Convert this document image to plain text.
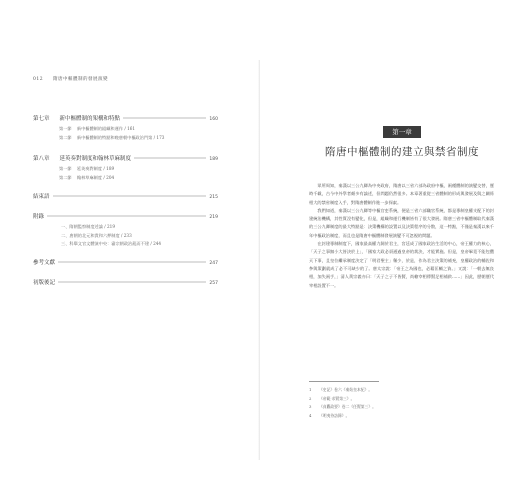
012 隋唐中樞體制的發展演變
第七章 新中樞體制的架構和特點	160
第一節 新中樞體制的組織和運作 / 161
第二節 新中樞體制的特點和晚唐朝中樞政治門第 / 173
第八章 延英奏對制度和翰林草麻制度	189
第一節 延英奏對制度 / 189
第二節 翰林草麻制度 / 204
結束語	215
附錄	219
一、隋朝監察制度述論 / 219
二、唐朝的北元和貴和六押制度 / 233
三、科舉文官文體演中央：審宗朝政治亂而不建 / 244
參考文獻	247
初版後記	257
第一章
隋唐中樞體制的建立與禁省制度

眾所周知，秦漢以三公九卿為中央政府，隋唐以三省六部為政府中樞，兩種體制的演變交替，歷時千載，古今中外學者頗多有論述，但問題仍然很多。本章著重從三省體制的形成與發展及與之關係相大的禁省制度入手，對隋唐體制作進一步探索。

我們知道，秦漢以三公九卿等中樞官吏系統，便是三省六部職官系統，都是專制皇權支配下的封建統治機構，其性質沒有變化，但是，組織和運行機制皆有了很大發展。隋唐三省中樞體制取代秦漢的三公九卿制度的最大特點是：決策機構的設置以及決策程序的分散，這一特點，不僅是秦漢以來千年中樞政治制度，而且也是隋唐中樞體制發展演變不可忽視的問題。

在封建專制制度下，國家最高權力歸於君主，宮廷成了國家政治生活的中心，帝王權力的核心，「天子之事無小大皆決於上」，「國家大政必須通過皇帝的裁決，才能實施。但是，皇帝畢竟不能包攬天下事，且皇位繼承制度決定了「明君聖主」稀少，於是，作為君主決策的補充，皇權政治的輔佐和參與策劃就成了必不可缺少的了。唐太宗說：「帝王之為國也，必藉匡輔之資。」又說：「一朝去無良相，加失兩手，」清人黃宗羲亦曰：「天子之子不皆賢，尚賴宰相傳賢足相補救……」因此，歷朝歷代宰相設置不一。

1 《史記》卷六《秦始皇本紀》。
2 《帝範·求賢第三》。
3 《貞觀政要》卷二《任賢第三》。
4 《明夷待訪錄》。
